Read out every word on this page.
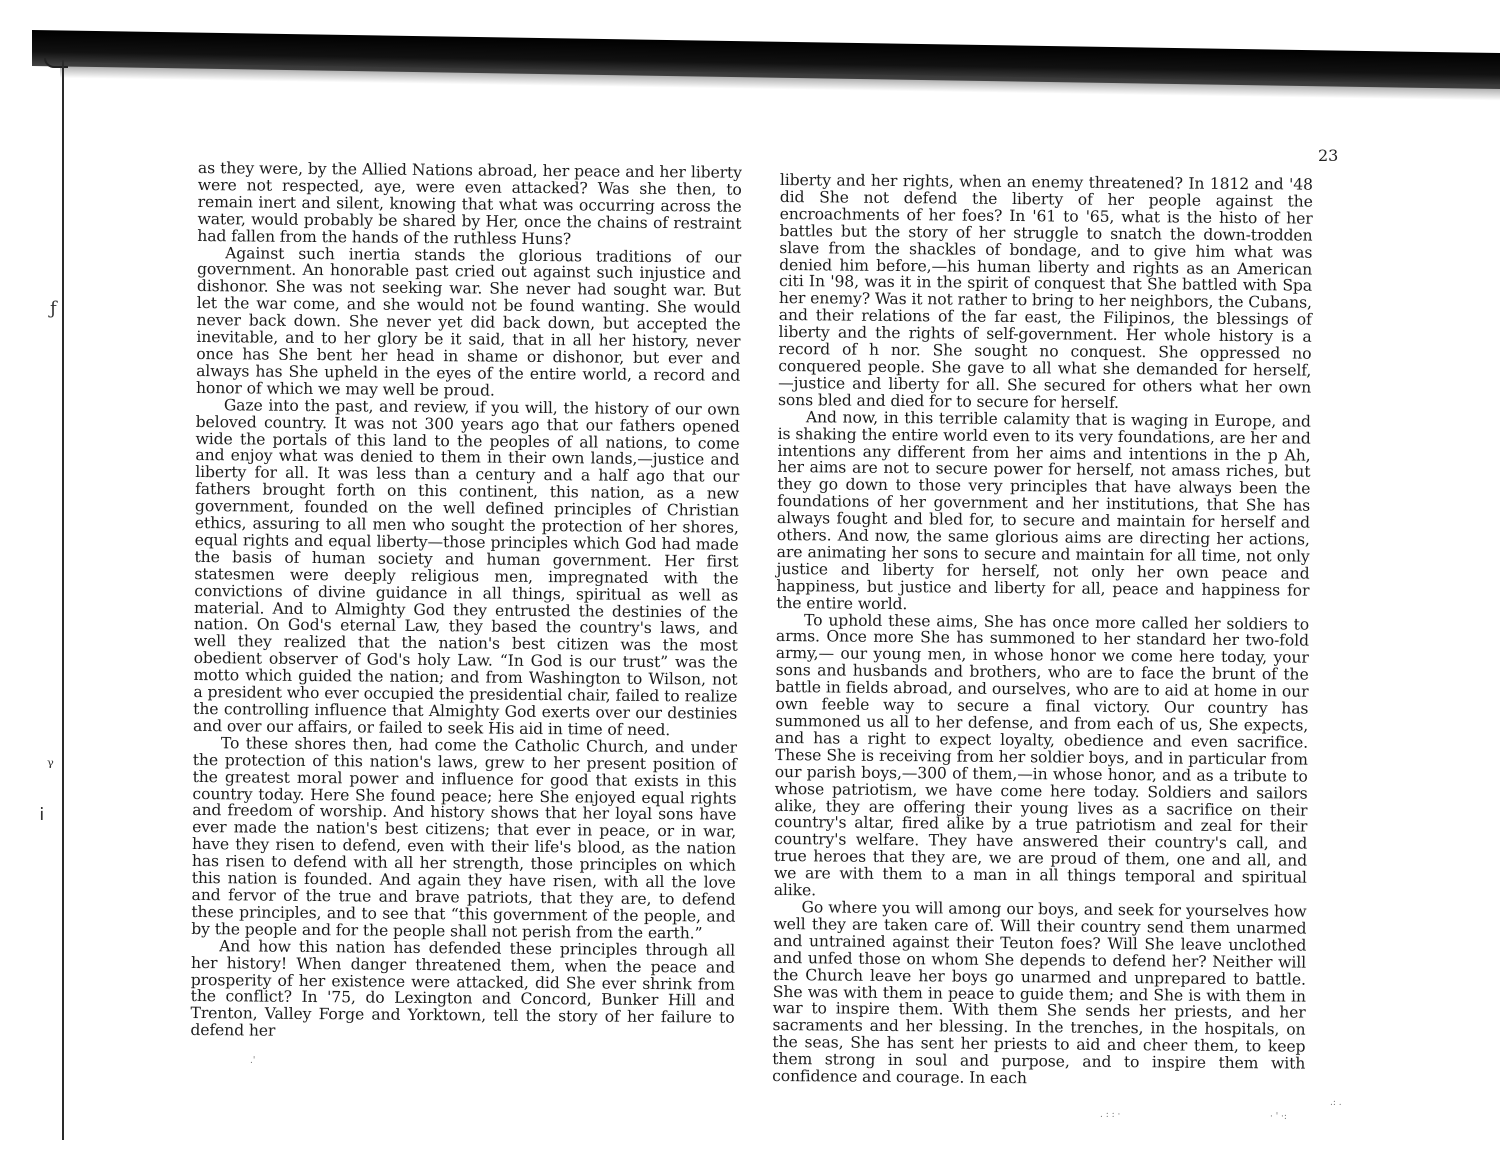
ƒ
ᵞ
Ꭵ
23

as they were, by the Allied Nations abroad, her peace and her liberty were not respected, aye, were even attacked? Was she then, to remain inert and silent, knowing that what was occurring across the water, would probably be shared by Her, once the chains of restraint had fallen from the hands of the ruthless Huns?

Against such inertia stands the glorious traditions of our government. An honorable past cried out against such injustice and dishonor. She was not seeking war. She never had sought war. But let the war come, and she would not be found wanting. She would never back down. She never yet did back down, but accepted the inevitable, and to her glory be it said, that in all her history, never once has She bent her head in shame or dishonor, but ever and always has She upheld in the eyes of the entire world, a record and honor of which we may well be proud.

Gaze into the past, and review, if you will, the history of our own beloved country. It was not 300 years ago that our fathers opened wide the portals of this land to the peoples of all nations, to come and enjoy what was denied to them in their own lands,—justice and liberty for all. It was less than a century and a half ago that our fathers brought forth on this continent, this nation, as a new government, founded on the well defined principles of Christian ethics, assuring to all men who sought the protection of her shores, equal rights and equal liberty—those principles which God had made the basis of human society and human government. Her first statesmen were deeply religious men, impregnated with the convictions of divine guidance in all things, spiritual as well as material. And to Almighty God they entrusted the destinies of the nation. On God's eternal Law, they based the country's laws, and well they realized that the nation's best citizen was the most obedient observer of God's holy Law. “In God is our trust” was the motto which guided the nation; and from Washington to Wilson, not a president who ever occupied the presidential chair, failed to realize the controlling influence that Almighty God exerts over our destinies and over our affairs, or failed to seek His aid in time of need.

To these shores then, had come the Catholic Church, and under the protection of this nation's laws, grew to her present position of the greatest moral power and influence for good that exists in this country today. Here She found peace; here She enjoyed equal rights and freedom of worship. And history shows that her loyal sons have ever made the nation's best citizens; that ever in peace, or in war, have they risen to defend, even with their life's blood, as the nation has risen to defend with all her strength, those principles on which this nation is founded. And again they have risen, with all the love and fervor of the true and brave patriots, that they are, to defend these principles, and to see that “this government of the people, and by the people and for the people shall not perish from the earth.”

And how this nation has defended these principles through all her history! When danger threatened them, when the peace and prosperity of her existence were attacked, did She ever shrink from the conflict? In '75, do Lexington and Concord, Bunker Hill and Trenton, Valley Forge and Yorktown, tell the story of her failure to defend her

liberty and her rights, when an enemy threatened? In 1812 and '48 did She not defend the liberty of her people against the encroachments of her foes? In '61 to '65, what is the histo of her battles but the story of her struggle to snatch the down-trodden slave from the shackles of bondage, and to give him what was denied him before,—his human liberty and rights as an American citi In '98, was it in the spirit of conquest that She battled with Spa her enemy? Was it not rather to bring to her neighbors, the Cubans, and their relations of the far east, the Filipinos, the blessings of liberty and the rights of self-government. Her whole history is a record of h nor. She sought no conquest. She oppressed no conquered people. She gave to all what she demanded for herself,—justice and liberty for all. She secured for others what her own sons bled and died for to secure for herself.

And now, in this terrible calamity that is waging in Europe, and is shaking the entire world even to its very foundations, are her and intentions any different from her aims and intentions in the p Ah, her aims are not to secure power for herself, not amass riches, but they go down to those very principles that have always been the foundations of her government and her institutions, that She has always fought and bled for, to secure and maintain for herself and others. And now, the same glorious aims are directing her actions, are animating her sons to secure and maintain for all time, not only justice and liberty for herself, not only her own peace and happiness, but justice and liberty for all, peace and happiness for the entire world.

To uphold these aims, She has once more called her soldiers to arms. Once more She has summoned to her standard her two-fold army,— our young men, in whose honor we come here today, your sons and husbands and brothers, who are to face the brunt of the battle in fields abroad, and ourselves, who are to aid at home in our own feeble way to secure a final victory. Our country has summoned us all to her defense, and from each of us, She expects, and has a right to expect loyalty, obedience and even sacrifice. These She is receiving from her soldier boys, and in particular from our parish boys,—300 of them,—in whose honor, and as a tribute to whose patriotism, we have come here today. Soldiers and sailors alike, they are offering their young lives as a sacrifice on their country's altar, fired alike by a true patriotism and zeal for their country's welfare. They have answered their country's call, and true heroes that they are, we are proud of them, one and all, and we are with them to a man in all things temporal and spiritual alike.

Go where you will among our boys, and seek for yourselves how well they are taken care of. Will their country send them unarmed and untrained against their Teuton foes? Will She leave unclothed and unfed those on whom She depends to defend her? Neither will the Church leave her boys go unarmed and unprepared to battle. She was with them in peace to guide them; and She is with them in war to inspire them. With them She sends her priests, and her sacraments and her blessing. In the trenches, in the hospitals, on the seas, She has sent her priests to aid and cheer them, to keep them strong in soul and purpose, and to inspire them with confidence and courage. In each

. : : ·	· ' ·:
.: .
.'
